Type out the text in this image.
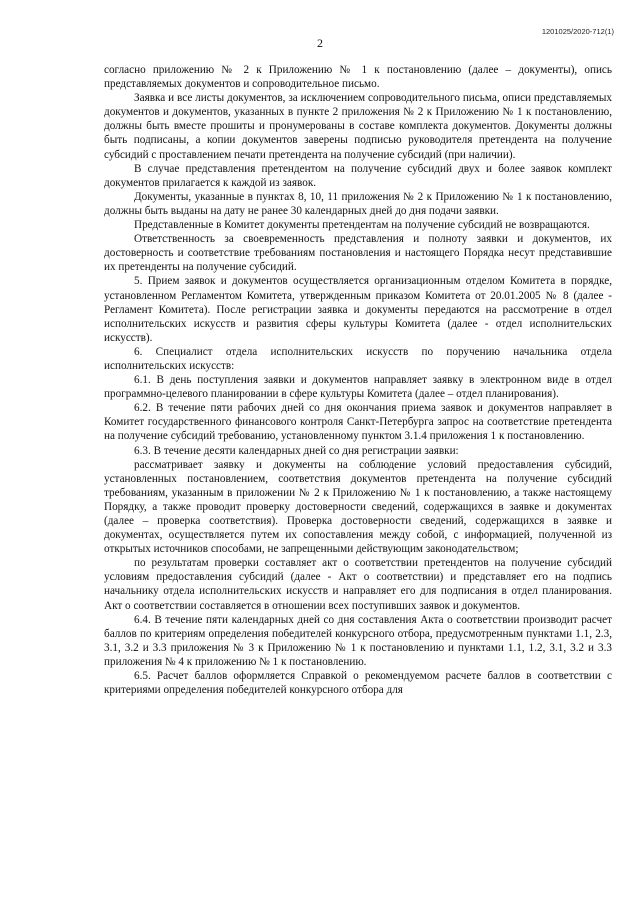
1201025/2020-712(1)
2

согласно приложению № 2 к Приложению № 1 к постановлению (далее – документы), опись представляемых документов и сопроводительное письмо.

Заявка и все листы документов, за исключением сопроводительного письма, описи представляемых документов и документов, указанных в пункте 2 приложения № 2 к Приложению № 1 к постановлению, должны быть вместе прошиты и пронумерованы в составе комплекта документов. Документы должны быть подписаны, а копии документов заверены подписью руководителя претендента на получение субсидий с проставлением печати претендента на получение субсидий (при наличии).

В случае представления претендентом на получение субсидий двух и более заявок комплект документов прилагается к каждой из заявок.

Документы, указанные в пунктах 8, 10, 11 приложения № 2 к Приложению № 1 к постановлению, должны быть выданы на дату не ранее 30 календарных дней до дня подачи заявки.

Представленные в Комитет документы претендентам на получение субсидий не возвращаются.

Ответственность за своевременность представления и полноту заявки и документов, их достоверность и соответствие требованиям постановления и настоящего Порядка несут представившие их претенденты на получение субсидий.

5. Прием заявок и документов осуществляется организационным отделом Комитета в порядке, установленном Регламентом Комитета, утвержденным приказом Комитета от 20.01.2005 № 8 (далее - Регламент Комитета). После регистрации заявка и документы передаются на рассмотрение в отдел исполнительских искусств и развития сферы культуры Комитета (далее - отдел исполнительских искусств).

6. Специалист отдела исполнительских искусств по поручению начальника отдела исполнительских искусств:

6.1. В день поступления заявки и документов направляет заявку в электронном виде в отдел программно-целевого планировании в сфере культуры Комитета (далее – отдел планирования).

6.2. В течение пяти рабочих дней со дня окончания приема заявок и документов направляет в Комитет государственного финансового контроля Санкт-Петербурга запрос на соответствие претендента на получение субсидий требованию, установленному пунктом 3.1.4 приложения 1 к постановлению.

6.3. В течение десяти календарных дней со дня регистрации заявки:

рассматривает заявку и документы на соблюдение условий предоставления субсидий, установленных постановлением, соответствия документов претендента на получение субсидий требованиям, указанным в приложении № 2 к Приложению № 1 к постановлению, а также настоящему Порядку, а также проводит проверку достоверности сведений, содержащихся в заявке и документах (далее – проверка соответствия). Проверка достоверности сведений, содержащихся в заявке и документах, осуществляется путем их сопоставления между собой, с информацией, полученной из открытых источников способами, не запрещенными действующим законодательством;

по результатам проверки составляет акт о соответствии претендентов на получение субсидий условиям предоставления субсидий (далее - Акт о соответствии) и представляет его на подпись начальнику отдела исполнительских искусств и направляет его для подписания в отдел планирования. Акт о соответствии составляется в отношении всех поступивших заявок и документов.

6.4. В течение пяти календарных дней со дня составления Акта о соответствии производит расчет баллов по критериям определения победителей конкурсного отбора, предусмотренным пунктами 1.1, 2.3, 3.1, 3.2 и 3.3 приложения № 3 к Приложению № 1 к постановлению и пунктами 1.1, 1.2, 3.1, 3.2 и 3.3 приложения № 4 к приложению № 1 к постановлению.

6.5. Расчет баллов оформляется Справкой о рекомендуемом расчете баллов в соответствии с критериями определения победителей конкурсного отбора для
